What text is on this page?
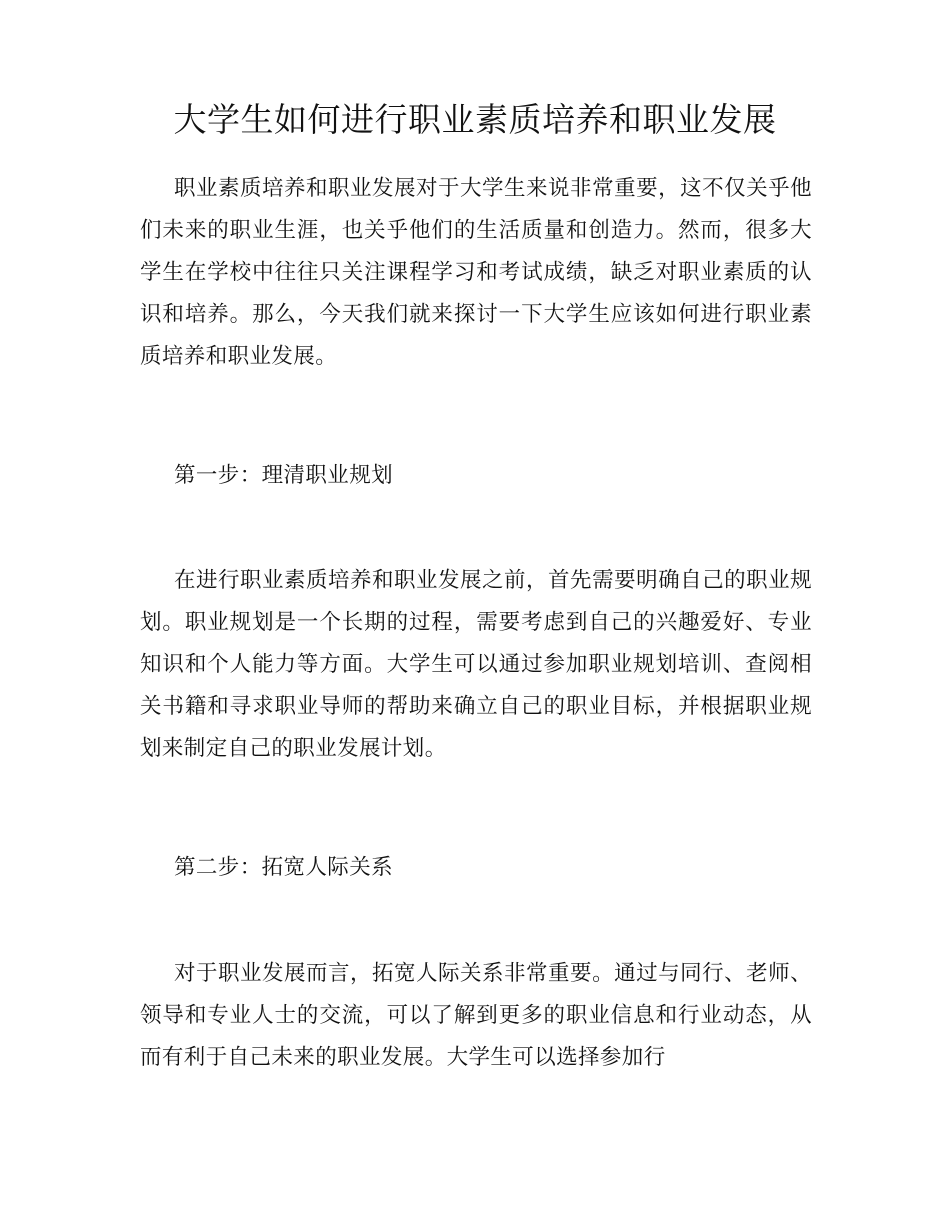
大学生如何进行职业素质培养和职业发展

职业素质培养和职业发展对于大学生来说非常重要，这不仅关乎他们未来的职业生涯，也关乎他们的生活质量和创造力。然而，很多大学生在学校中往往只关注课程学习和考试成绩，缺乏对职业素质的认识和培养。那么，今天我们就来探讨一下大学生应该如何进行职业素质培养和职业发展。

第一步：理清职业规划

在进行职业素质培养和职业发展之前，首先需要明确自己的职业规划。职业规划是一个长期的过程，需要考虑到自己的兴趣爱好、专业知识和个人能力等方面。大学生可以通过参加职业规划培训、查阅相关书籍和寻求职业导师的帮助来确立自己的职业目标，并根据职业规划来制定自己的职业发展计划。

第二步：拓宽人际关系

对于职业发展而言，拓宽人际关系非常重要。通过与同行、老师、领导和专业人士的交流，可以了解到更多的职业信息和行业动态，从而有利于自己未来的职业发展。大学生可以选择参加行
